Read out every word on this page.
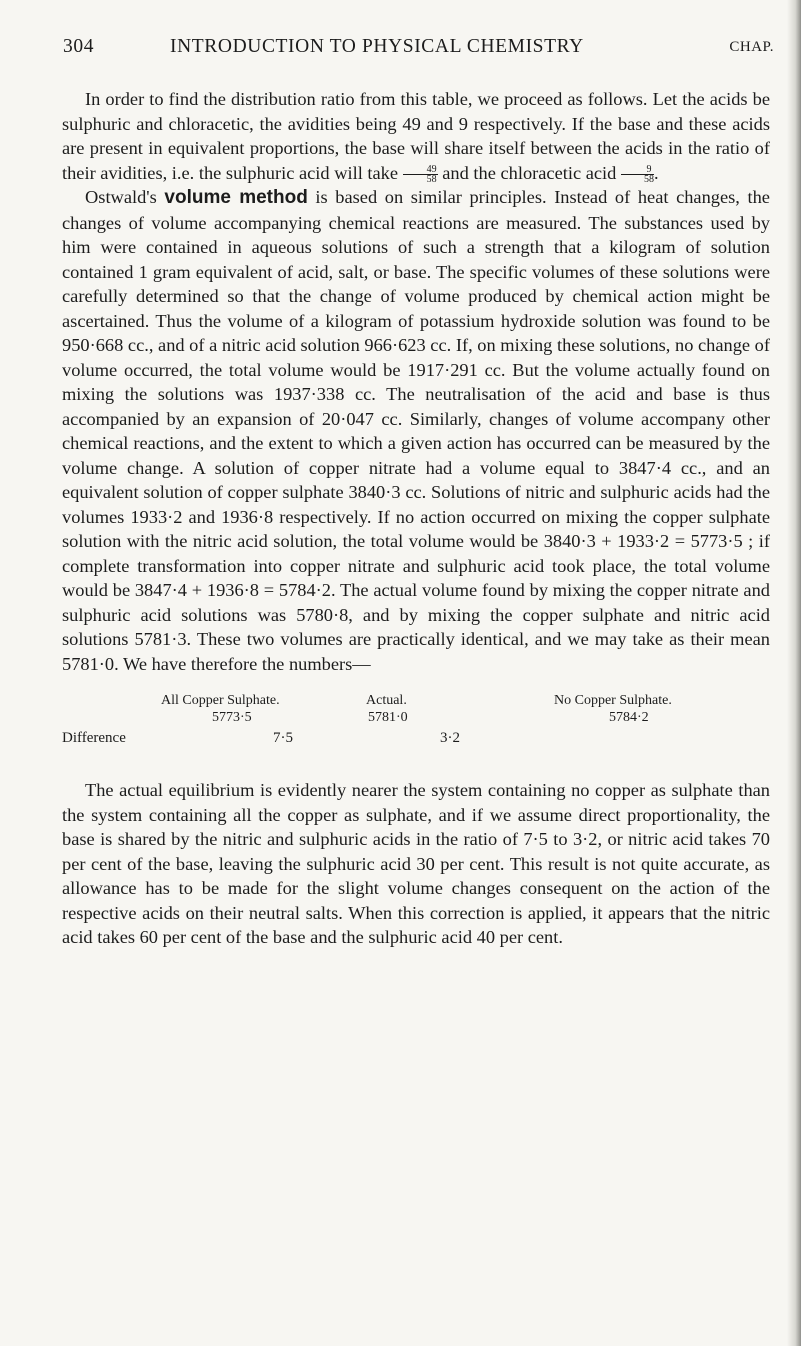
304	INTRODUCTION TO PHYSICAL CHEMISTRY	CHAP.

In order to find the distribution ratio from this table, we proceed as follows. Let the acids be sulphuric and chloracetic, the avidities being 49 and 9 respectively. If the base and these acids are present in equivalent proportions, the base will share itself between the acids in the ratio of their avidities, i.e. the sulphuric acid will take $\frac{49}{58}$ and the chloracetic acid $\frac{9}{58}$ .

Ostwald's volume method is based on similar principles. Instead of heat changes, the changes of volume accompanying chemical reactions are measured. The substances used by him were contained in aqueous solutions of such a strength that a kilogram of solution contained 1 gram equivalent of acid, salt, or base. The specific volumes of these solutions were carefully determined so that the change of volume produced by chemical action might be ascertained. Thus the volume of a kilogram of potassium hydroxide solution was found to be 950·668 cc., and of a nitric acid solution 966·623 cc. If, on mixing these solutions, no change of volume occurred, the total volume would be 1917·291 cc. But the volume actually found on mixing the solutions was 1937·338 cc. The neutralisation of the acid and base is thus accompanied by an expansion of 20·047 cc. Similarly, changes of volume accompany other chemical reactions, and the extent to which a given action has occurred can be measured by the volume change. A solution of copper nitrate had a volume equal to 3847·4 cc., and an equivalent solution of copper sulphate 3840·3 cc. Solutions of nitric and sulphuric acids had the volumes 1933·2 and 1936·8 respectively. If no action occurred on mixing the copper sulphate solution with the nitric acid solution, the total volume would be 3840·3 + 1933·2 = 5773·5 ; if complete transformation into copper nitrate and sulphuric acid took place, the total volume would be 3847·4 + 1936·8 = 5784·2. The actual volume found by mixing the copper nitrate and sulphuric acid solutions was 5780·8, and by mixing the copper sulphate and nitric acid solutions 5781·3. These two volumes are practically identical, and we may take as their mean 5781·0. We have therefore the numbers—

All Copper Sulphate.	Actual.	No Copper Sulphate.
5773·5	5781·0	5784·2
Difference	7·5	3·2

The actual equilibrium is evidently nearer the system containing no copper as sulphate than the system containing all the copper as sulphate, and if we assume direct proportionality, the base is shared by the nitric and sulphuric acids in the ratio of 7·5 to 3·2, or nitric acid takes 70 per cent of the base, leaving the sulphuric acid 30 per cent. This result is not quite accurate, as allowance has to be made for the slight volume changes consequent on the action of the respective acids on their neutral salts. When this correction is applied, it appears that the nitric acid takes 60 per cent of the base and the sulphuric acid 40 per cent.
